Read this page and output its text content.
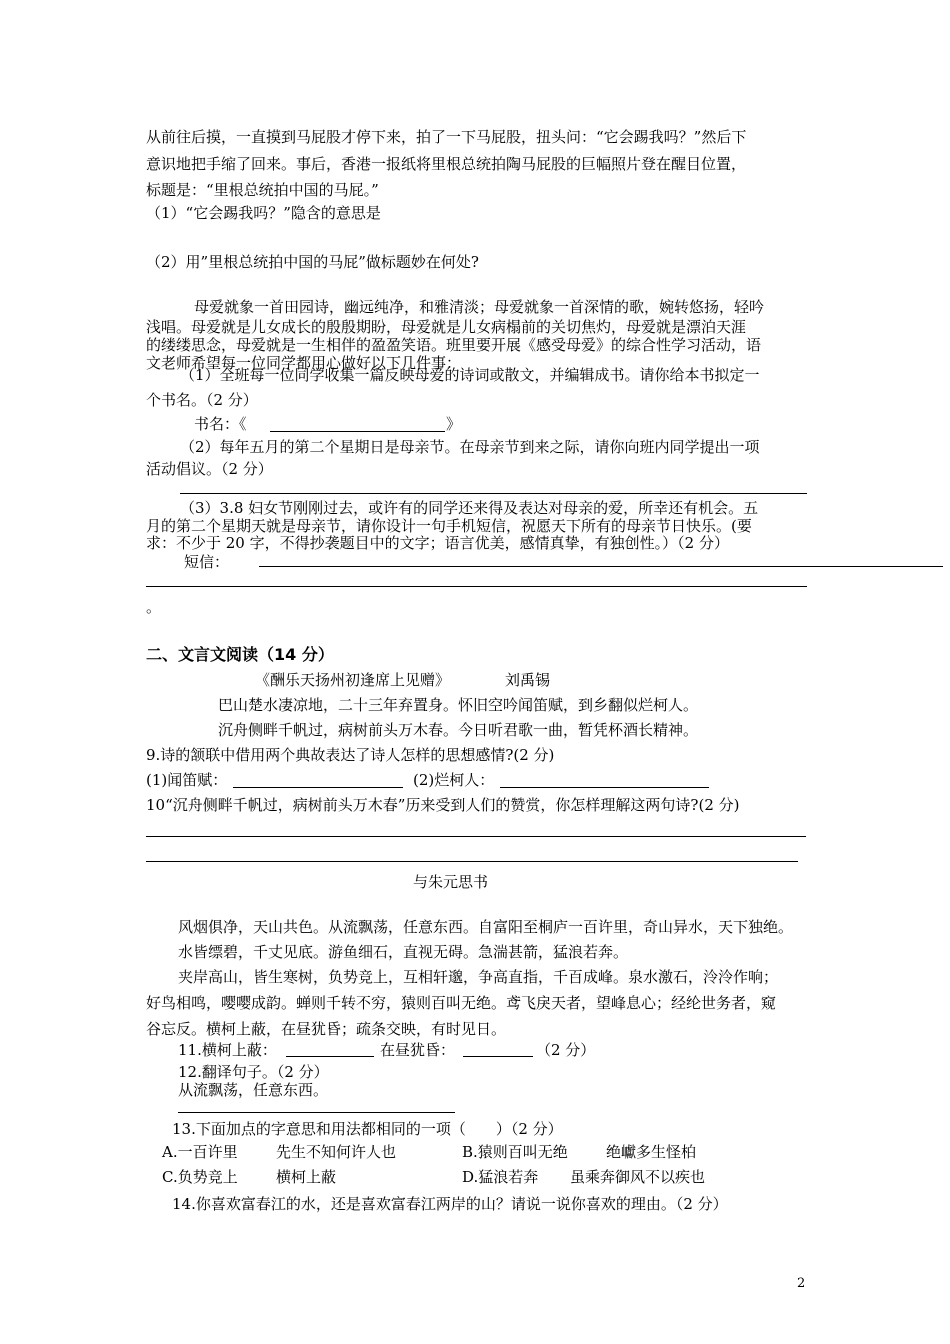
从前往后摸，一直摸到马屁股才停下来，拍了一下马屁股，扭头问：“它会踢我吗？”然后下
意识地把手缩了回来。事后，香港一报纸将里根总统拍陶马屁股的巨幅照片登在醒目位置，
标题是：“里根总统拍中国的马屁。”
（1）“它会踢我吗？”隐含的意思是
（2）用”里根总统拍中国的马屁”做标题妙在何处?
母爱就象一首田园诗，幽远纯净，和雅清淡；母爱就象一首深情的歌，婉转悠扬，轻吟
浅唱。母爱就是儿女成长的殷殷期盼，母爱就是儿女病榻前的关切焦灼，母爱就是漂泊天涯
的缕缕思念，母爱就是一生相伴的盈盈笑语。班里要开展《感受母爱》的综合性学习活动，语
文老师希望每一位同学都用心做好以下几件事：
（1）全班每一位同学收集一篇反映母爱的诗词或散文，并编辑成书。请你给本书拟定一
个书名。（2 分）
书名：《	》
（2）每年五月的第二个星期日是母亲节。在母亲节到来之际，请你向班内同学提出一项
活动倡议。（2 分）
（3）3.8 妇女节刚刚过去，或许有的同学还来得及表达对母亲的爱，所幸还有机会。五
月的第二个星期天就是母亲节，请你设计一句手机短信，祝愿天下所有的母亲节日快乐。(要
求：不少于 20 字，不得抄袭题目中的文字；语言优美，感情真挚，有独创性。）（2 分）
短信：
。
二、文言文阅读（14 分）
《酬乐天扬州初逢席上见赠》	刘禹锡
巴山楚水凄凉地，二十三年弃置身。怀旧空吟闻笛赋，到乡翻似烂柯人。
沉舟侧畔千帆过，病树前头万木春。今日听君歌一曲，暂凭杯酒长精神。
9.诗的颔联中借用两个典故表达了诗人怎样的思想感情?(2 分)
(1)闻笛赋：	(2)烂柯人：
10“沉舟侧畔千帆过，病树前头万木春”历来受到人们的赞赏，你怎样理解这两句诗?(2 分)
与朱元思书
风烟俱净，天山共色。从流飘荡，任意东西。自富阳至桐庐一百许里，奇山异水，天下独绝。
水皆缥碧，千丈见底。游鱼细石，直视无碍。急湍甚箭，猛浪若奔。
夹岸高山，皆生寒树，负势竞上，互相轩邈，争高直指，千百成峰。泉水激石，泠泠作响；
好鸟相鸣，嘤嘤成韵。蝉则千转不穷，猿则百叫无绝。鸢飞戾天者，望峰息心；经纶世务者，窥
谷忘反。横柯上蔽，在昼犹昏；疏条交映，有时见日。
11.横柯上蔽：	在昼犹昏：	（2 分）
12.翻译句子。（2 分）
从流飘荡，任意东西。
13.下面加点的字意思和用法都相同的一项（　　）（2 分）
A.一百许里	先生不知何许人也	B.猿则百叫无绝	绝巘多生怪柏
C.负势竞上	横柯上蔽	D.猛浪若奔 虽乘奔御风不以疾也
14.你喜欢富春江的水，还是喜欢富春江两岸的山？请说一说你喜欢的理由。（2 分）
2
